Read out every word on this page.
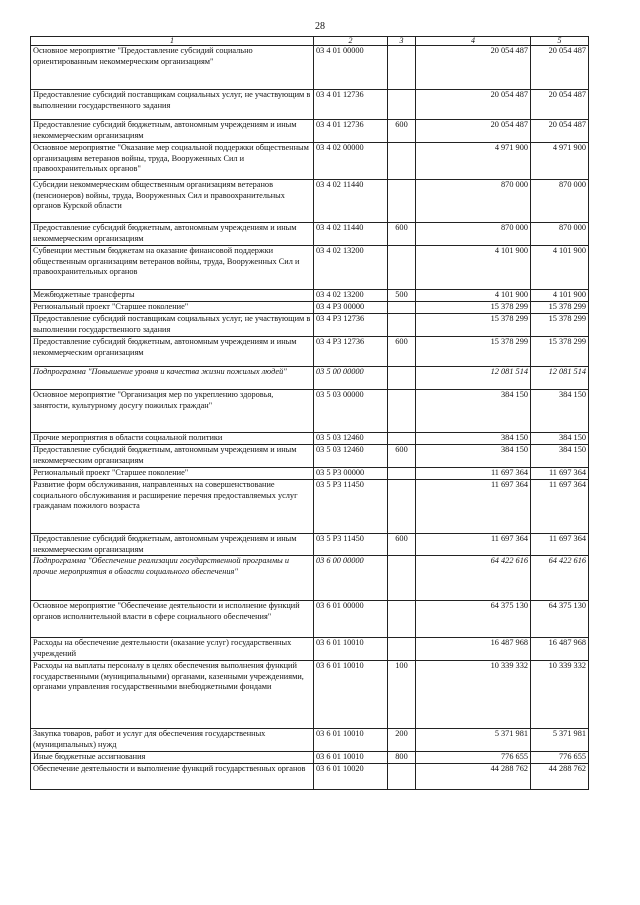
28
1	2	3	4	5
Основное мероприятие "Предоставление субсидий социально ориентированным некоммерческим организациям"	03 4 01 00000		20 054 487	20 054 487
Предоставление субсидий поставщикам социальных услуг, не участвующим в выполнении государственного задания	03 4 01 12736		20 054 487	20 054 487
Предоставление субсидий бюджетным, автономным учреждениям и иным некоммерческим организациям	03 4 01 12736	600	20 054 487	20 054 487
Основное мероприятие "Оказание мер социальной поддержки общественным организациям ветеранов войны, труда, Вооруженных Сил и правоохранительных органов"	03 4 02 00000		4 971 900	4 971 900
Субсидии некоммерческим общественным организациям ветеранов (пенсионеров) войны, труда, Вооруженных Сил и правоохранительных органов Курской области	03 4 02 11440		870 000	870 000
Предоставление субсидий бюджетным, автономным учреждениям и иным некоммерческим организациям	03 4 02 11440	600	870 000	870 000
Субвенции местным бюджетам на оказание финансовой поддержки общественным организациям ветеранов войны, труда, Вооруженных Сил и правоохранительных органов	03 4 02 13200		4 101 900	4 101 900
Межбюджетные трансферты	03 4 02 13200	500	4 101 900	4 101 900
Региональный проект "Старшее поколение"	03 4 P3 00000		15 378 299	15 378 299
Предоставление субсидий поставщикам социальных услуг, не участвующим в выполнении государственного задания	03 4 P3 12736		15 378 299	15 378 299
Предоставление субсидий бюджетным, автономным учреждениям и иным некоммерческим организациям	03 4 P3 12736	600	15 378 299	15 378 299
Подпрограмма "Повышение уровня и качества жизни пожилых людей"	03 5 00 00000		12 081 514	12 081 514
Основное мероприятие "Организация мер по укреплению здоровья, занятости, культурному досугу пожилых граждан"	03 5 03 00000		384 150	384 150
Прочие мероприятия в области социальной политики	03 5 03 12460		384 150	384 150
Предоставление субсидий бюджетным, автономным учреждениям и иным некоммерческим организациям	03 5 03 12460	600	384 150	384 150
Региональный проект "Старшее поколение"	03 5 P3 00000		11 697 364	11 697 364
Развитие форм обслуживания, направленных на совершенствование социального обслуживания и расширение перечня предоставляемых услуг гражданам пожилого возраста	03 5 P3 11450		11 697 364	11 697 364
Предоставление субсидий бюджетным, автономным учреждениям и иным некоммерческим организациям	03 5 P3 11450	600	11 697 364	11 697 364
Подпрограмма "Обеспечение реализации государственной программы и прочие мероприятия в области социального обеспечения"	03 6 00 00000		64 422 616	64 422 616
Основное мероприятие "Обеспечение деятельности и исполнение функций органов исполнительной власти в сфере социального обеспечения"	03 6 01 00000		64 375 130	64 375 130
Расходы на обеспечение деятельности (оказание услуг) государственных учреждений	03 6 01 10010		16 487 968	16 487 968
Расходы на выплаты персоналу в целях обеспечения выполнения функций государственными (муниципальными) органами, казенными учреждениями, органами управления государственными внебюджетными фондами	03 6 01 10010	100	10 339 332	10 339 332
Закупка товаров, работ и услуг для обеспечения государственных (муниципальных) нужд	03 6 01 10010	200	5 371 981	5 371 981
Иные бюджетные ассигнования	03 6 01 10010	800	776 655	776 655
Обеспечение деятельности и выполнение функций государственных органов	03 6 01 10020		44 288 762	44 288 762
